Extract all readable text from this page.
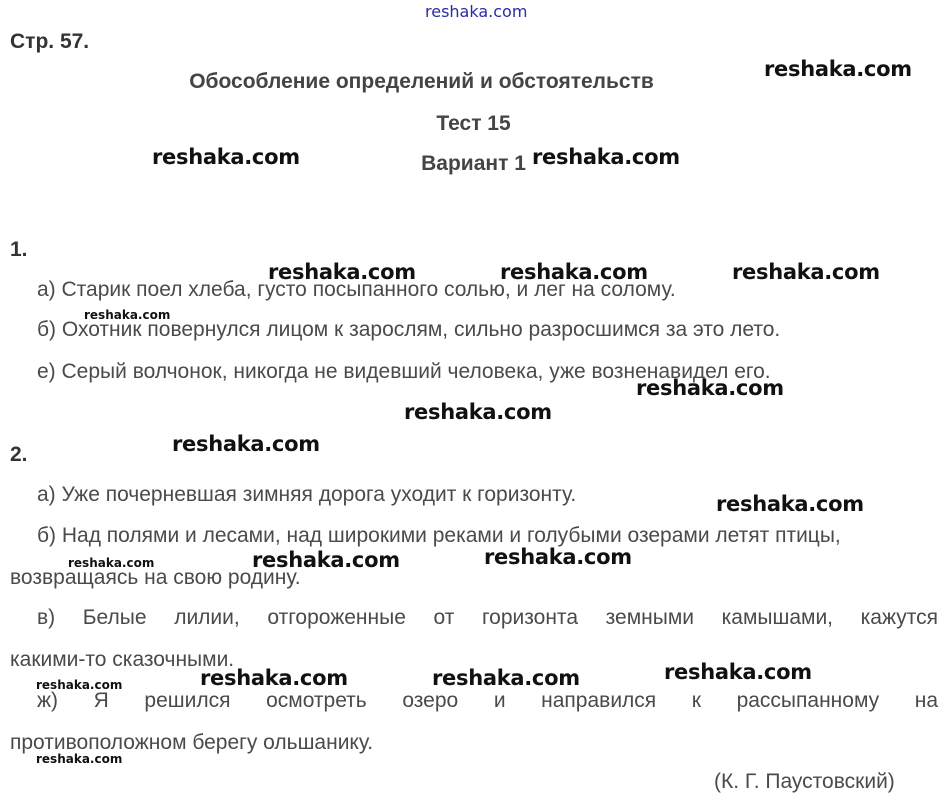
reshaka.com
Стр. 57.
Обособление определений и обстоятельств
Тест 15
Вариант 1
1.
а) Старик поел хлеба, густо посыпанного солью, и лег на солому.
б) Охотник повернулся лицом к зарослям, сильно разросшимся за это лето.
е) Серый волчонок, никогда не видевший человека, уже возненавидел его.
2.
а) Уже почерневшая зимняя дорога уходит к горизонту.
б) Над полями и лесами, над широкими реками и голубыми озерами летят птицы,
возвращаясь на свою родину.
в) Белые лилии, отгороженные от горизонта земными камышами, кажутся
какими-то сказочными.
ж) Я решился осмотреть озеро и направился к рассыпанному на
противоположном берегу ольшанику.
(К. Г. Паустовский)
reshaka.com
reshaka.com	reshaka.com
reshaka.com	reshaka.com	reshaka.com
reshaka.com
reshaka.com
reshaka.com
reshaka.com
reshaka.com
reshaka.com
reshaka.com
reshaka.com
reshaka.com
reshaka.com	reshaka.com
reshaka.com
reshaka.com
